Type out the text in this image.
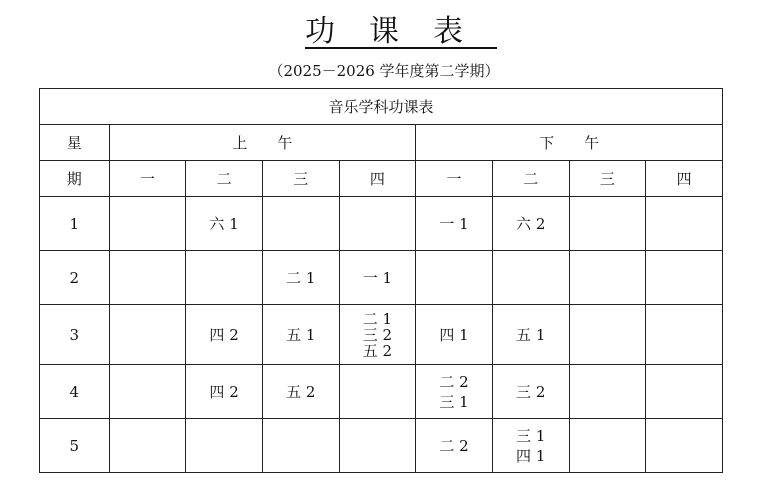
功课表
（2025－2026 学年度第二学期）
音乐学科功课表								
星	上　　午				下　　午			
期	一	二	三	四	一	二	三	四
1		六 1			一 1	六 2		

2			二 1	一 1				

3		四 2	五 1	二 1
三 2
五 2	四 1	五 1		

4		四 2	五 2		二 2
三 1	三 2		

5					二 2	三 1
四 1		
